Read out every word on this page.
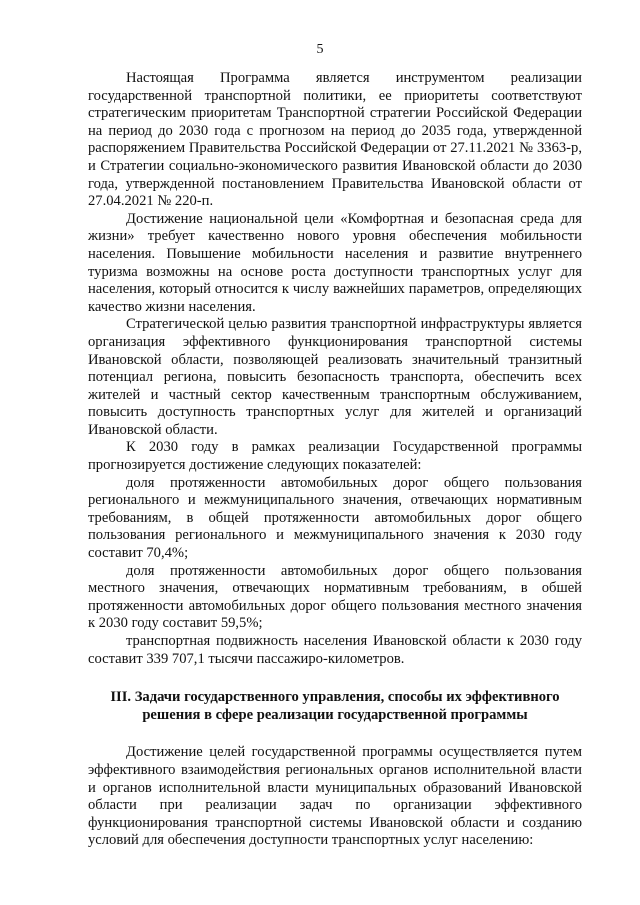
5

Настоящая Программа является инструментом реализации государственной транспортной политики, ее приоритеты соответствуют стратегическим приоритетам Транспортной стратегии Российской Федерации на период до 2030 года с прогнозом на период до 2035 года, утвержденной распоряжением Правительства Российской Федерации от 27.11.2021 № 3363-р, и Стратегии социально-экономического развития Ивановской области до 2030 года, утвержденной постановлением Правительства Ивановской области от 27.04.2021 № 220-п.

Достижение национальной цели «Комфортная и безопасная среда для жизни» требует качественно нового уровня обеспечения мобильности населения. Повышение мобильности населения и развитие внутреннего туризма возможны на основе роста доступности транспортных услуг для населения, который относится к числу важнейших параметров, определяющих качество жизни населения.

Стратегической целью развития транспортной инфраструктуры является организация эффективного функционирования транспортной системы Ивановской области, позволяющей реализовать значительный транзитный потенциал региона, повысить безопасность транспорта, обеспечить всех жителей и частный сектор качественным транспортным обслуживанием, повысить доступность транспортных услуг для жителей и организаций Ивановской области.

К 2030 году в рамках реализации Государственной программы прогнозируется достижение следующих показателей:

доля протяженности автомобильных дорог общего пользования регионального и межмуниципального значения, отвечающих нормативным требованиям, в общей протяженности автомобильных дорог общего пользования регионального и межмуниципального значения к 2030 году составит 70,4%;

доля протяженности автомобильных дорог общего пользования местного значения, отвечающих нормативным требованиям, в обшей протяженности автомобильных дорог общего пользования местного значения к 2030 году составит 59,5%;

транспортная подвижность населения Ивановской области к 2030 году составит 339 707,1 тысячи пассажиро-километров.

III. Задачи государственного управления, способы их эффективного
решения в сфере реализации государственной программы

Достижение целей государственной программы осуществляется путем эффективного взаимодействия региональных органов исполнительной власти и органов исполнительной власти муниципальных образований Ивановской области при реализации задач по организации эффективного функционирования транспортной системы Ивановской области и созданию условий для обеспечения доступности транспортных услуг населению:
